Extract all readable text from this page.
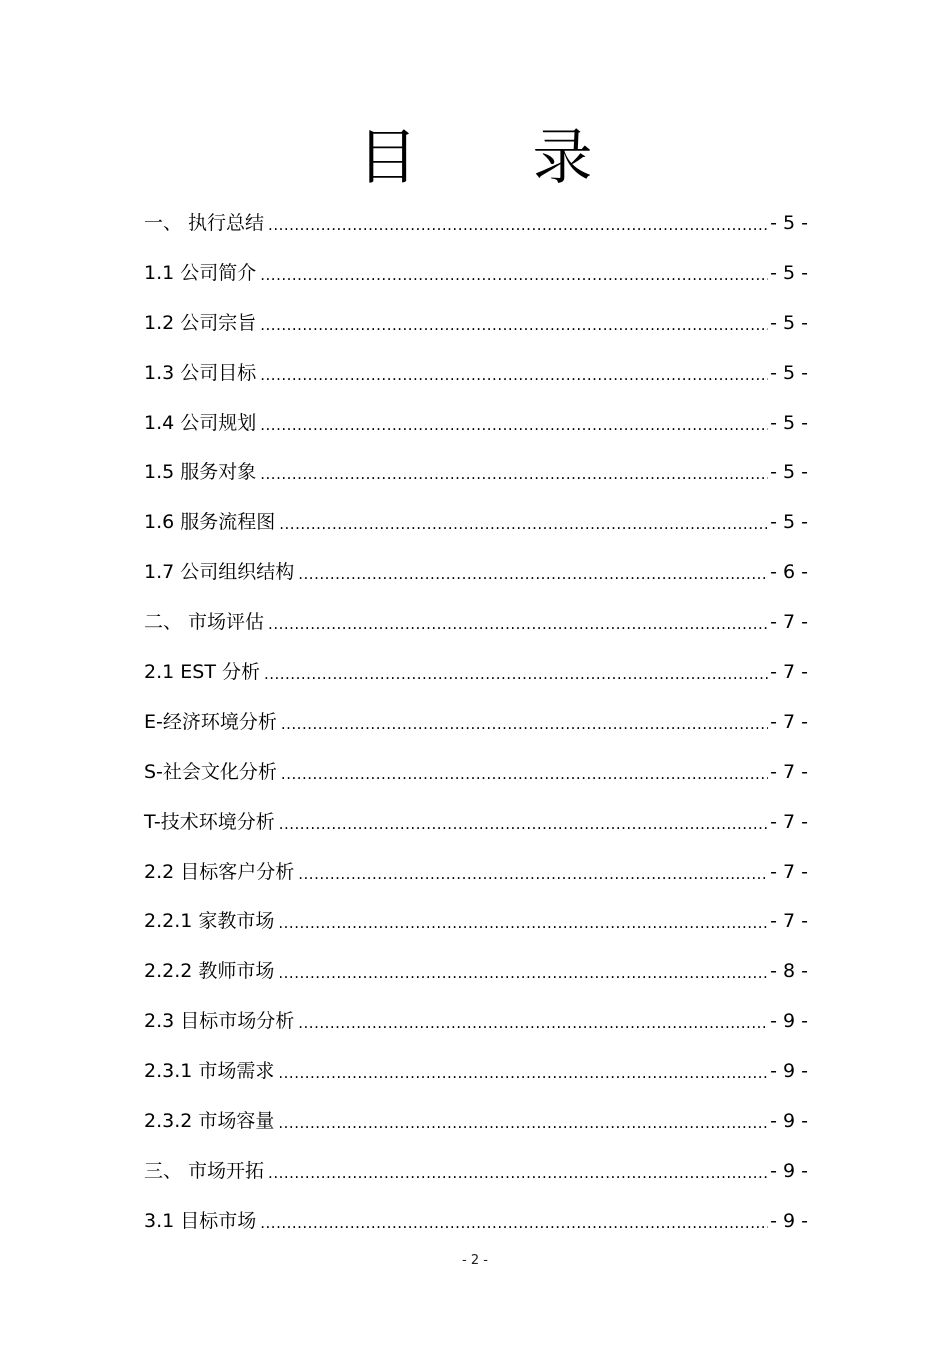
目 录
一、 执行总结 .....	- 5 -
1.1 公司简介 .....	- 5 -
1.2 公司宗旨 .....	- 5 -
1.3 公司目标 .....	- 5 -
1.4 公司规划 .....	- 5 -
1.5 服务对象 .....	- 5 -
1.6 服务流程图 .....	- 5 -
1.7 公司组织结构 .....	- 6 -
二、 市场评估 .....	- 7 -
2.1 EST 分析 .....	- 7 -
E-经济环境分析 .....	- 7 -
S-社会文化分析 .....	- 7 -
T-技术环境分析 .....	- 7 -
2.2 目标客户分析 .....	- 7 -
2.2.1 家教市场 .....	- 7 -
2.2.2 教师市场 .....	- 8 -
2.3 目标市场分析 .....	- 9 -
2.3.1 市场需求 .....	- 9 -
2.3.2 市场容量 .....	- 9 -
三、 市场开拓 .....	- 9 -
3.1 目标市场 .....	- 9 -
- 2 -
